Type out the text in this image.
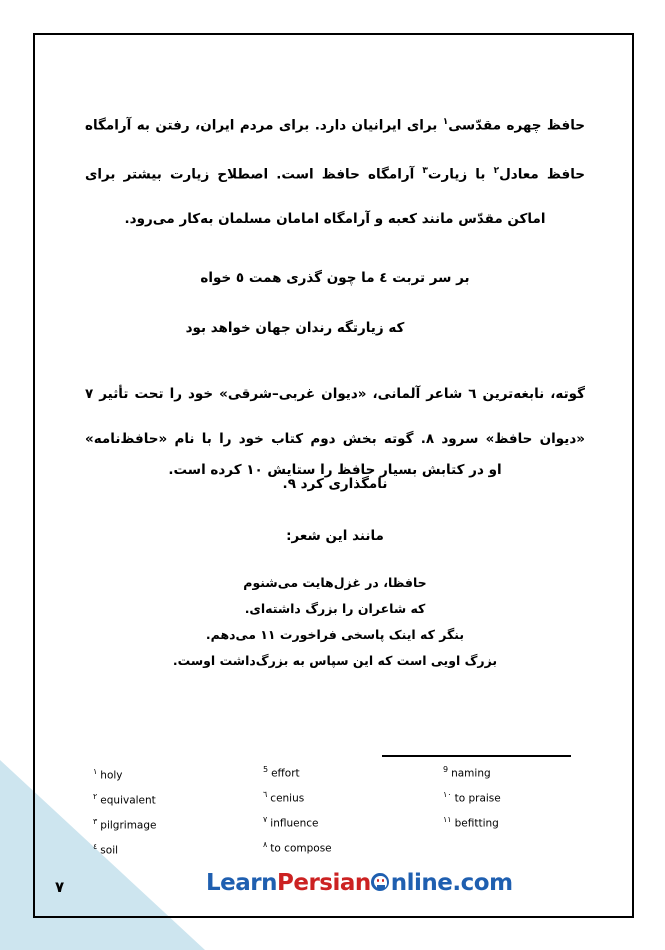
حافظ چهره مقدّسی$^١$ برای ایرانیان دارد. برای مردم ایران، رفتن به آرامگاه حافظ معادل$^٢$ با زیارت$^٣$ آرامگاه حافظ است. اصطلاح زیارت بیشتر برای اماکن مقدّس مانند کعبه و آرامگاه امامان مسلمان به‌کار می‌رود.
بر سر تربت ٤ ما چون گذری همت ٥ خواه
که زیارتگه رندان جهان خواهد بود
گوته، نابغه‌ترین ٦ شاعر آلمانی، «دیوان غربی–شرقی» خود را تحت تأثیر ٧ «دیوان حافظ» سرود ٨. گوته بخش دوم کتاب خود را با نام «حافظ‌نامه» نامگذاری کرد ٩.
او در کتابش بسیار حافظ را ستایش ١٠ کرده است.
مانند این شعر:
حافظا، در غزل‌هایت می‌شنوم
که شاعران را بزرگ داشته‌ای.
بنگر که اینک پاسخی فراخورت ١١ می‌دهم.
بزرگ اویی است که این سپاس به بزرگ‌داشت اوست.
$^١$ holy
$^٢$ equivalent
$^٣$ pilgrimage
$^٤$ soil
$^5$ effort
$^٦$ cenius
$^٧$ influence
$^٨$ to compose
$^9$ naming
$^{١٠}$ to praise
$^{١١}$ befitting
۷	LearnPersian nline.com
